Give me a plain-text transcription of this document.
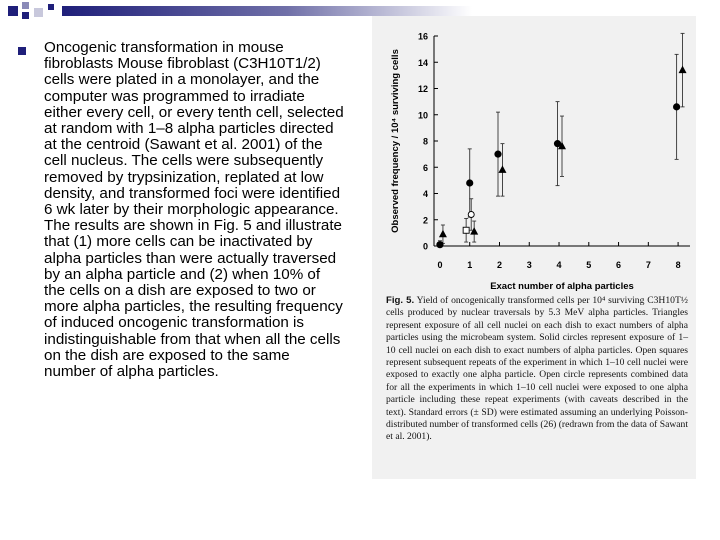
Oncogenic transformation in mouse fibroblasts Mouse fibroblast (C3H10T1/2) cells were plated in a monolayer, and the computer was programmed to irradiate either every cell, or every tenth cell, selected at random with 1–8 alpha particles directed at the centroid (Sawant et al. 2001) of the cell nucleus. The cells were subsequently removed by trypsinization, replated at low density, and transformed foci were identified 6 wk later by their morphologic appearance. The results are shown in Fig. 5 and illustrate that (1) more cells can be inactivated by alpha particles than were actually traversed by an alpha particle and (2) when 10% of the cells on a dish are exposed to two or more alpha particles, the resulting frequency of induced oncogenic transformation is indistinguishable from that when all the cells on the dish are exposed to the same number of alpha particles.
0
2
4
6
8
10
12
14
16
0	1	2	3	4	5	6	7	8
Exact number of alpha particles
Observed frequency / 10⁴ surviving cells
Fig. 5. Yield of oncogenically transformed cells per 10⁴ surviving C3H10T½ cells produced by nuclear traversals by 5.3 MeV alpha particles. Triangles represent exposure of all cell nuclei on each dish to exact numbers of alpha particles using the microbeam system. Solid circles represent exposure of 1–10 cell nuclei on each dish to exact numbers of alpha particles. Open squares represent subsequent repeats of the experiment in which 1–10 cell nuclei were exposed to exactly one alpha particle. Open circle represents combined data for all the experiments in which 1–10 cell nuclei were exposed to one alpha particle including these repeat experiments (with caveats described in the text). Standard errors (± SD) were estimated assuming an underlying Poisson-distributed number of transformed cells (26) (redrawn from the data of Sawant et al. 2001).
